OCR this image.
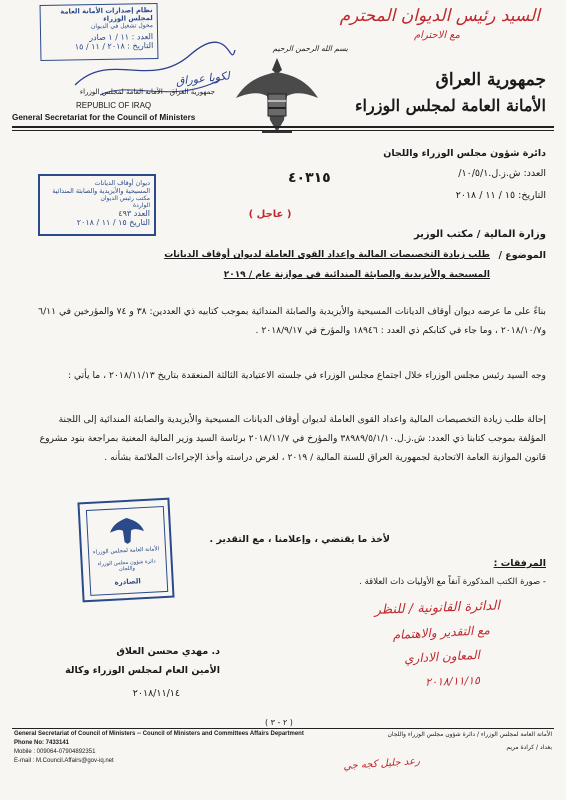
السيد رئيس الديوان المحترم
مع الاحترام
نظام إصدارات الأمانة العامة لمجلس الوزراء
مخول تشغيل في الديوان
العدد : ١١ / ١ صادر
التاريخ : ٢٠١٨ / ١١ / ١٥
لكويا عوراق
جمهورية العراق - الأمانة العامة لمجلس الوزراء
REPUBLIC OF IRAQ
General Secretariat for the Council of Ministers
بسم الله الرحمن الرحيم
جمهورية العراق
الأمانة العامة لمجلس الوزراء
دائرة شؤون مجلس الوزراء واللجان
العدد: ش.ز.ل.١٠/٥/١/
٤٠٣١٥
التاريخ: ١٥ / ١١ / ٢٠١٨
ديوان أوقاف الديانات
المسيحية والأيزيدية والصابئة المندائية
مكتب رئيس الديوان
الواردة
العدد ٤٩٣
التاريخ ١٥ / ١١ / ٢٠١٨
( عاجل )
وزارة المالية / مكتب الوزير
الموضوع /
طلب زيادة التخصيصات المالية وإعداد القوى العاملة لديوان أوقاف الديانات
المسيحية والأيزيدية والصابئة المندائية في موازنة عام / ٢٠١٩
بناءً على ما عرضه ديوان أوقاف الديانات المسيحية والأيزيدية والصابئة المندائية بموجب كتابيه ذي العددين: ٣٨ و ٧٤ والمؤرخين في ٦/١١ و٢٠١٨/١٠/٧ ، وما جاء في كتابكم ذي العدد : ١٨٩٤٦ والمؤرخ في ٢٠١٨/٩/١٧ .
وجه السيد رئيس مجلس الوزراء خلال اجتماع مجلس الوزراء في جلسته الاعتيادية الثالثة المنعقدة بتاريخ ٢٠١٨/١١/١٣ ، ما يأتي :
إحالة طلب زيادة التخصيصات المالية واعداد القوى العاملة لديوان أوقاف الديانات المسيحية والأيزيدية والصابئة المندائية إلى اللجنة المؤلفة بموجب كتابنا ذي العدد: ش.ز.ل.٣٨٩٨٩/٥/١/١٠ والمؤرخ في ٢٠١٨/١١/٧ برئاسة السيد وزير المالية المعنية بمراجعة بنود مشروع قانون الموازنة العامة الاتحادية لجمهورية العراق للسنة المالية / ٢٠١٩ ، لغرض دراسته وأخذ الإجراءات الملائمة بشأنه .
لأخذ ما يقتضي ، وإعلامنا ، مع التقدير .
المرفقات :
- صورة الكتب المذكورة آنفاً مع الأوليات ذات العلاقة .
الأمانة العامة لمجلس الوزراء
دائرة شؤون مجلس الوزراء واللجان
الصادرة
د. مهدي محسن العلاق
الأمين العام لمجلس الوزراء وكالة
٢٠١٨/١١/١٤
الدائرة القانونية / للنظر
مع التقدير والاهتمام
المعاون الاداري
٢٠١٨/١١/١٥
( ٢ - ٣ )
General Secretariat of Council of Ministers -- Council of Ministers and Committees Affairs Department
Phone No: 7433141
Mobile : 009064-07904892351
E-mail : M.Council.Affairs@gov-iq.net
الأمانة العامة لمجلس الوزراء / دائرة شؤون مجلس الوزراء واللجان
بغداد / كرادة مريم
رعد جليل كجه جي
